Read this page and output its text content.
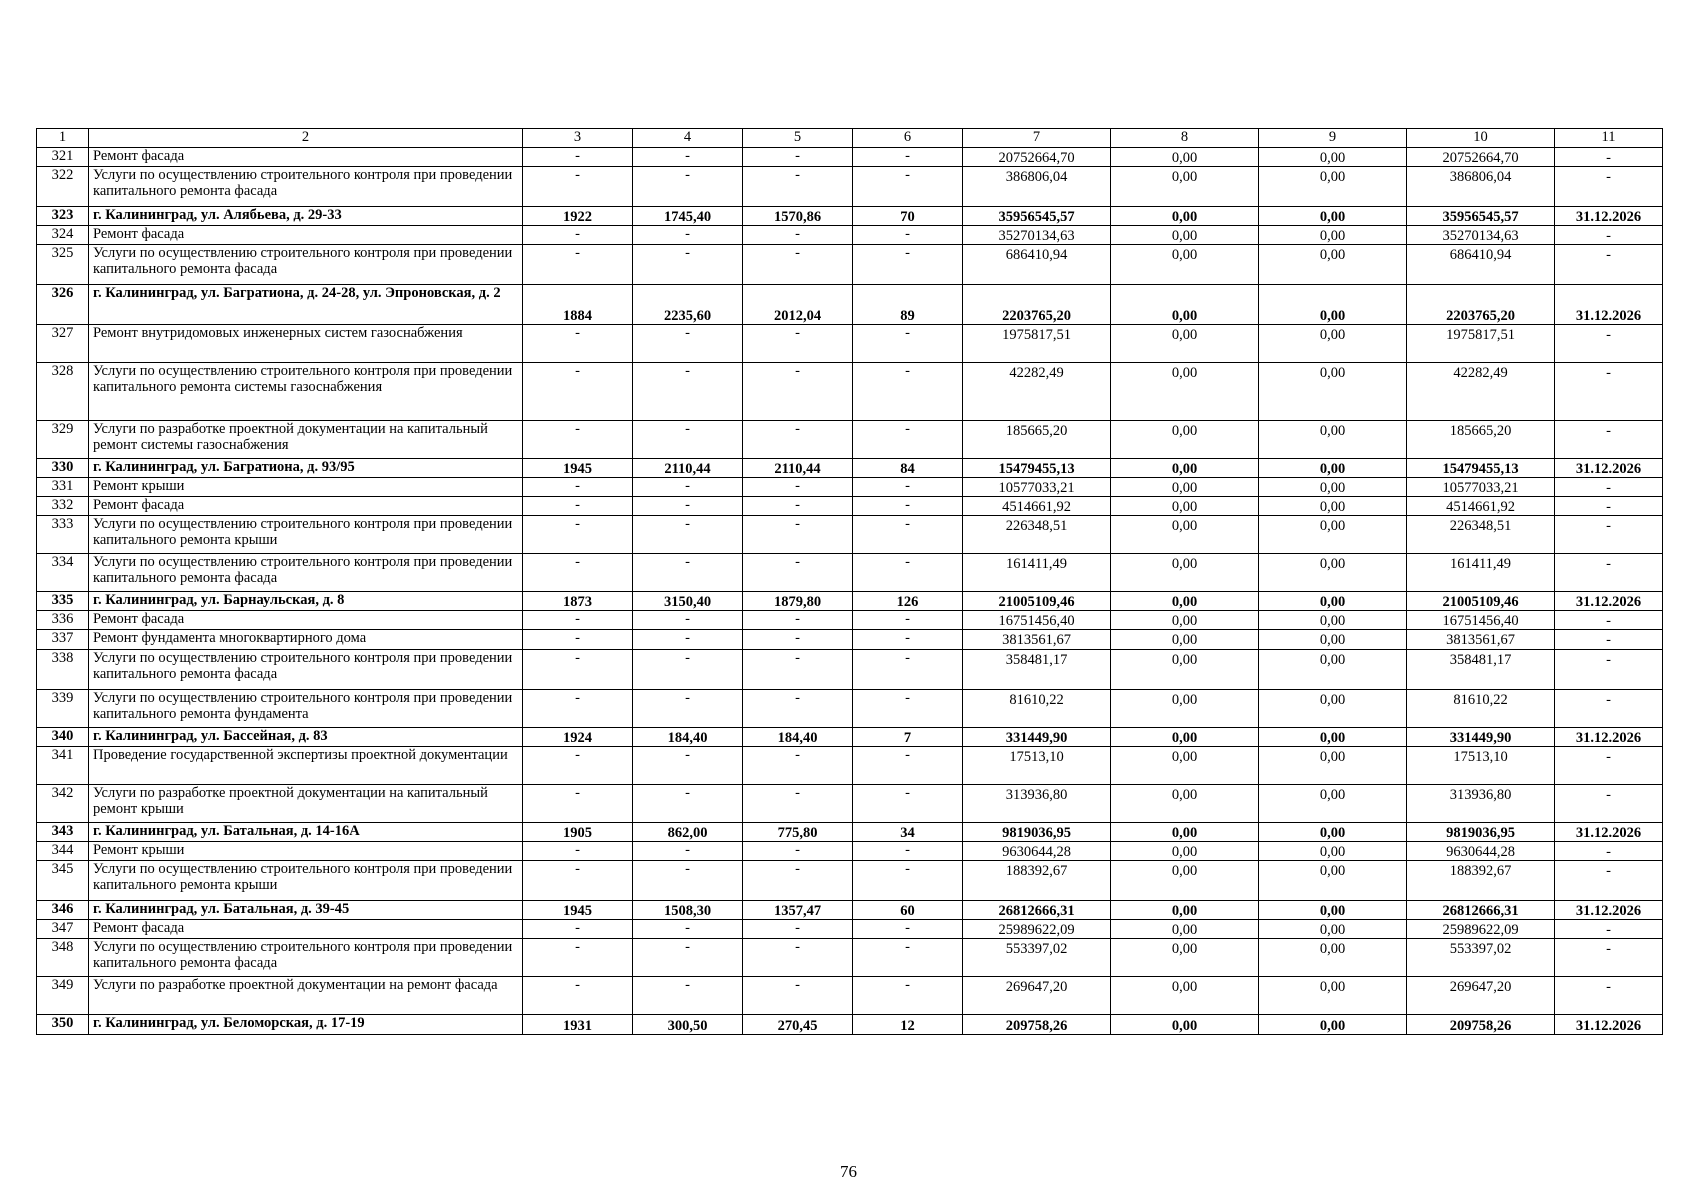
1	2	3	4	5	6	7	8	9	10	11
321	Ремонт фасада	-	-	-	-	20752664,70	0,00	0,00	20752664,70	-
322	Услуги по осуществлению строительного контроля при проведении капитального ремонта фасада	-	-	-	-	386806,04	0,00	0,00	386806,04	-
323	г. Калининград, ул. Алябьева, д. 29-33	1922	1745,40	1570,86	70	35956545,57	0,00	0,00	35956545,57	31.12.2026
324	Ремонт фасада	-	-	-	-	35270134,63	0,00	0,00	35270134,63	-
325	Услуги по осуществлению строительного контроля при проведении капитального ремонта фасада	-	-	-	-	686410,94	0,00	0,00	686410,94	-
326	г. Калининград, ул. Багратиона, д. 24-28, ул. Эпроновская, д. 2	1884	2235,60	2012,04	89	2203765,20	0,00	0,00	2203765,20	31.12.2026
327	Ремонт внутридомовых инженерных систем газоснабжения	-	-	-	-	1975817,51	0,00	0,00	1975817,51	-
328	Услуги по осуществлению строительного контроля при проведении капитального ремонта системы газоснабжения	-	-	-	-	42282,49	0,00	0,00	42282,49	-
329	Услуги по разработке проектной документации на капитальный ремонт системы газоснабжения	-	-	-	-	185665,20	0,00	0,00	185665,20	-
330	г. Калининград, ул. Багратиона, д. 93/95	1945	2110,44	2110,44	84	15479455,13	0,00	0,00	15479455,13	31.12.2026
331	Ремонт крыши	-	-	-	-	10577033,21	0,00	0,00	10577033,21	-
332	Ремонт фасада	-	-	-	-	4514661,92	0,00	0,00	4514661,92	-
333	Услуги по осуществлению строительного контроля при проведении капитального ремонта крыши	-	-	-	-	226348,51	0,00	0,00	226348,51	-
334	Услуги по осуществлению строительного контроля при проведении капитального ремонта фасада	-	-	-	-	161411,49	0,00	0,00	161411,49	-
335	г. Калининград, ул. Барнаульская, д. 8	1873	3150,40	1879,80	126	21005109,46	0,00	0,00	21005109,46	31.12.2026
336	Ремонт фасада	-	-	-	-	16751456,40	0,00	0,00	16751456,40	-
337	Ремонт фундамента многоквартирного дома	-	-	-	-	3813561,67	0,00	0,00	3813561,67	-
338	Услуги по осуществлению строительного контроля при проведении капитального ремонта фасада	-	-	-	-	358481,17	0,00	0,00	358481,17	-
339	Услуги по осуществлению строительного контроля при проведении капитального ремонта фундамента	-	-	-	-	81610,22	0,00	0,00	81610,22	-
340	г. Калининград, ул. Бассейная, д. 83	1924	184,40	184,40	7	331449,90	0,00	0,00	331449,90	31.12.2026
341	Проведение государственной экспертизы проектной документации	-	-	-	-	17513,10	0,00	0,00	17513,10	-
342	Услуги по разработке проектной документации на капитальный ремонт крыши	-	-	-	-	313936,80	0,00	0,00	313936,80	-
343	г. Калининград, ул. Батальная, д. 14-16А	1905	862,00	775,80	34	9819036,95	0,00	0,00	9819036,95	31.12.2026
344	Ремонт крыши	-	-	-	-	9630644,28	0,00	0,00	9630644,28	-
345	Услуги по осуществлению строительного контроля при проведении капитального ремонта крыши	-	-	-	-	188392,67	0,00	0,00	188392,67	-
346	г. Калининград, ул. Батальная, д. 39-45	1945	1508,30	1357,47	60	26812666,31	0,00	0,00	26812666,31	31.12.2026
347	Ремонт фасада	-	-	-	-	25989622,09	0,00	0,00	25989622,09	-
348	Услуги по осуществлению строительного контроля при проведении капитального ремонта фасада	-	-	-	-	553397,02	0,00	0,00	553397,02	-
349	Услуги по разработке проектной документации на ремонт фасада	-	-	-	-	269647,20	0,00	0,00	269647,20	-
350	г. Калининград, ул. Беломорская, д. 17-19	1931	300,50	270,45	12	209758,26	0,00	0,00	209758,26	31.12.2026
76
